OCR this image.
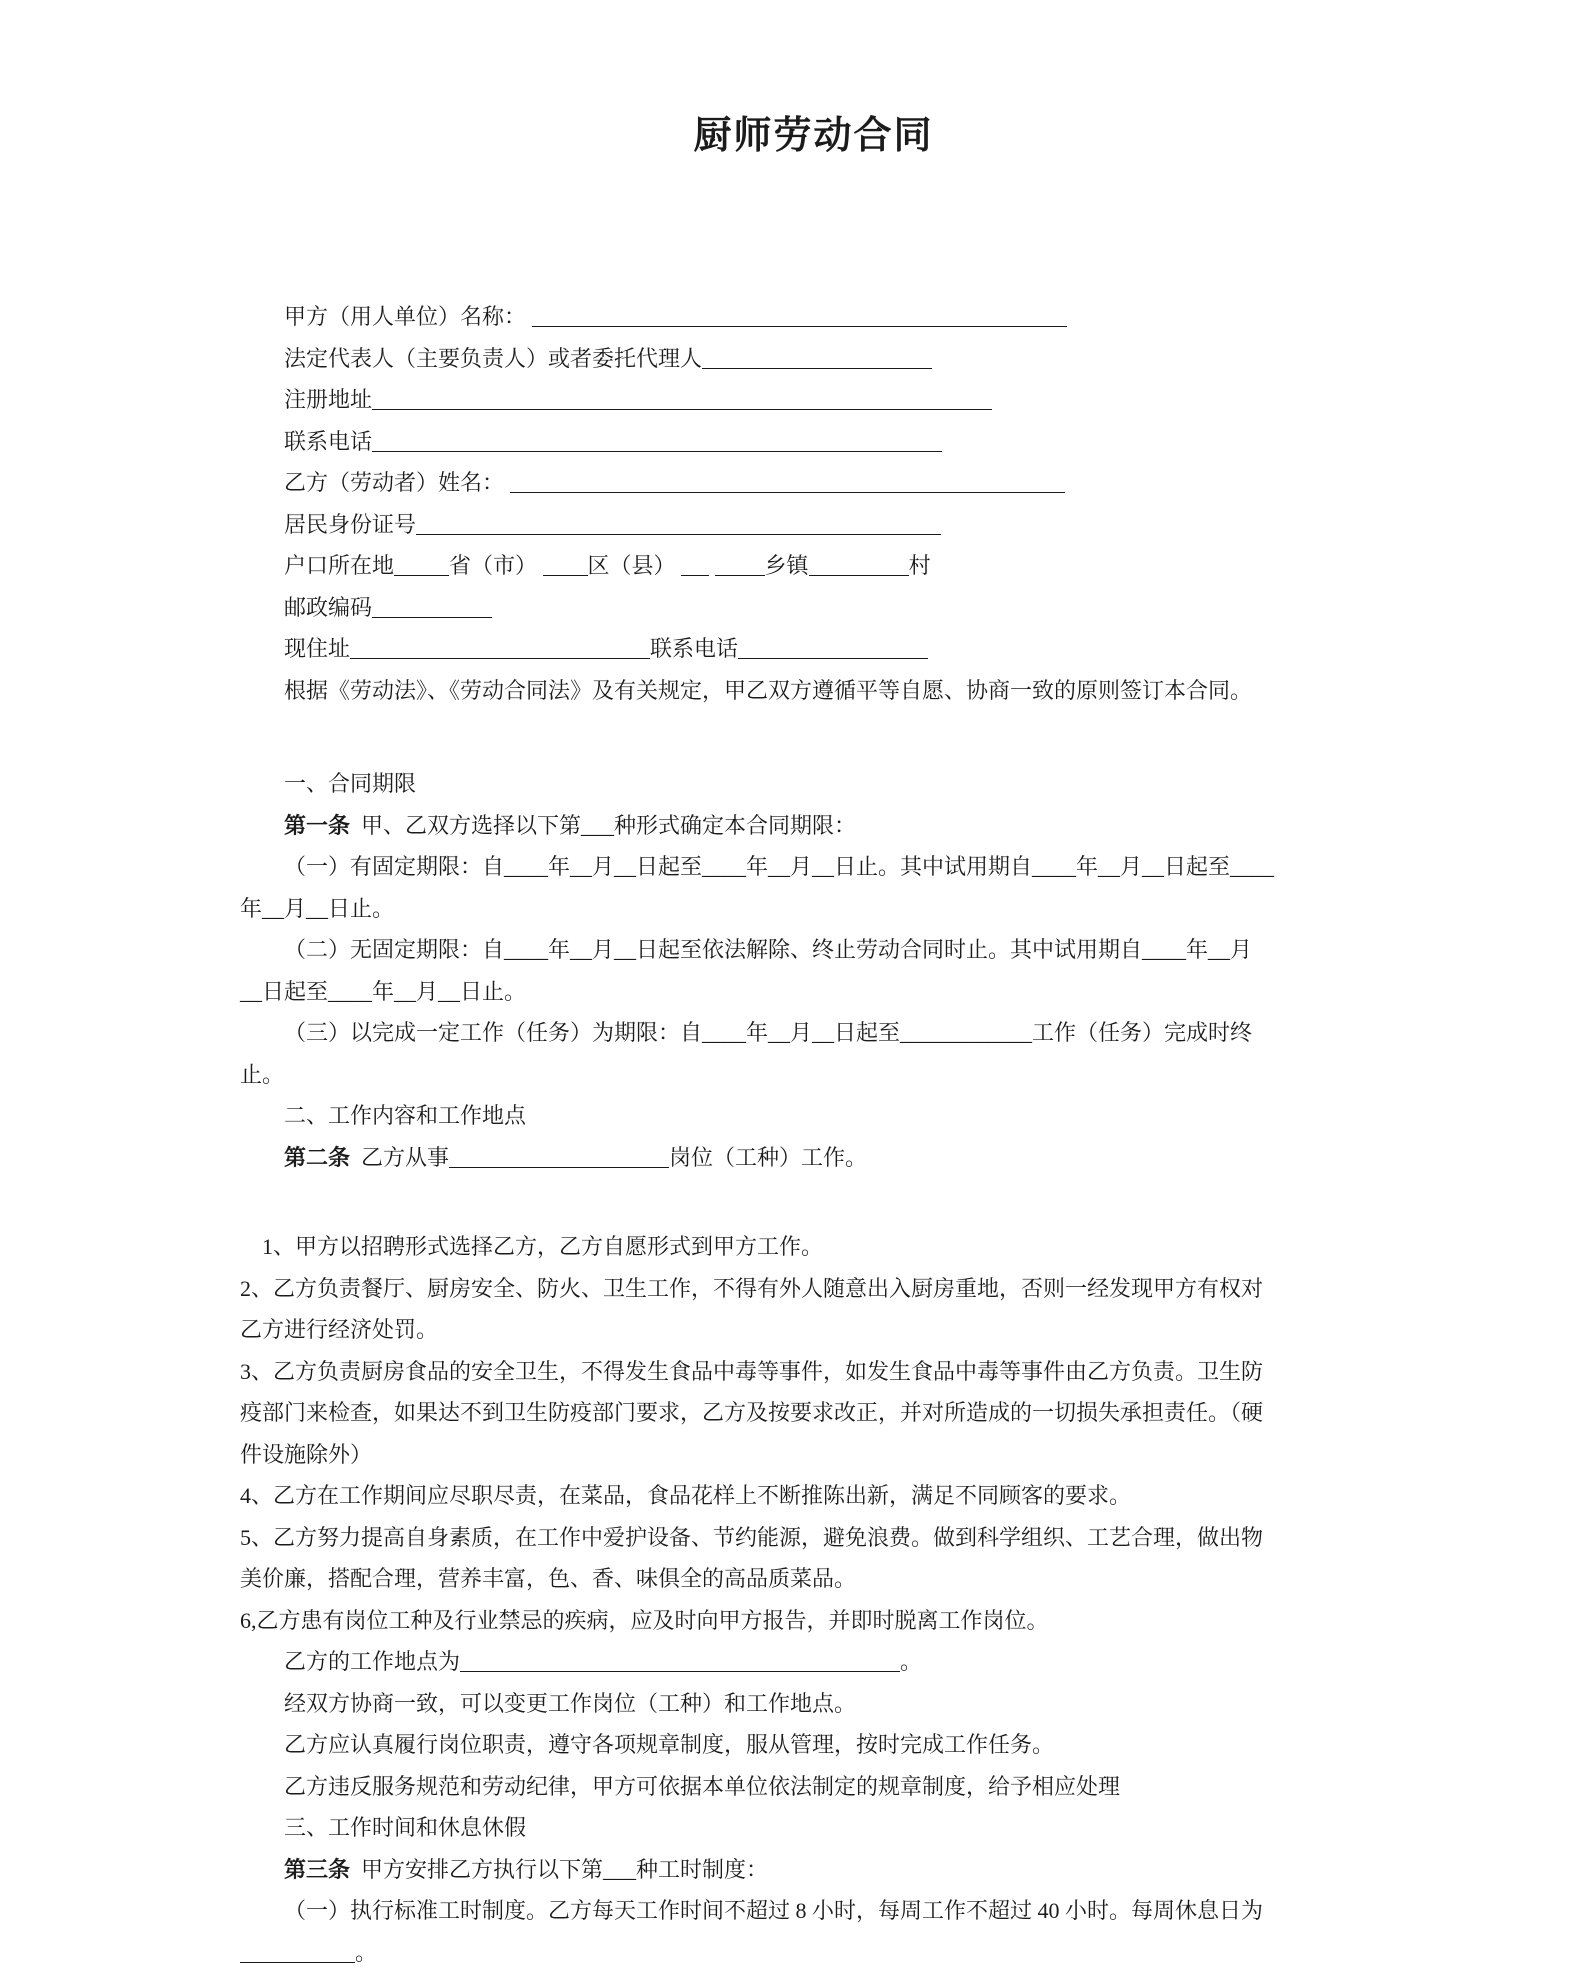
厨师劳动合同

甲方（用人单位）名称：

法定代表人（主要负责人）或者委托代理人

注册地址

联系电话

乙方（劳动者）姓名：

居民身份证号

户口所在地	省（市） 区（县）	乡镇	村

邮政编码

现住址	联系电话

根据《劳动法》、《劳动合同法》及有关规定，甲乙双方遵循平等自愿、协商一致的原则签订本合同。

一、合同期限

第一条  甲、乙双方选择以下第___种形式确定本合同期限：

（一）有固定期限：自____年__月__日起至____年__月__日止。其中试用期自____年__月__日起至____

年__月__日止。

（二）无固定期限：自____年__月__日起至依法解除、终止劳动合同时止。其中试用期自____年__月

__日起至____年__月__日止。

（三）以完成一定工作（任务）为期限：自____年__月__日起至____________工作（任务）完成时终

止。

二、工作内容和工作地点

第二条  乙方从事	岗位（工种）工作。

1、甲方以招聘形式选择乙方，乙方自愿形式到甲方工作。

2、乙方负责餐厅、厨房安全、防火、卫生工作，不得有外人随意出入厨房重地，否则一经发现甲方有权对

乙方进行经济处罚。

3、乙方负责厨房食品的安全卫生，不得发生食品中毒等事件，如发生食品中毒等事件由乙方负责。卫生防

疫部门来检查，如果达不到卫生防疫部门要求，乙方及按要求改正，并对所造成的一切损失承担责任。（硬

件设施除外）

4、乙方在工作期间应尽职尽责，在菜品，食品花样上不断推陈出新，满足不同顾客的要求。

5、乙方努力提高自身素质，在工作中爱护设备、节约能源，避免浪费。做到科学组织、工艺合理，做出物

美价廉，搭配合理，营养丰富，色、香、味俱全的高品质菜品。

6,乙方患有岗位工种及行业禁忌的疾病，应及时向甲方报告，并即时脱离工作岗位。

乙方的工作地点为	。

经双方协商一致，可以变更工作岗位（工种）和工作地点。

乙方应认真履行岗位职责，遵守各项规章制度，服从管理，按时完成工作任务。

乙方违反服务规范和劳动纪律，甲方可依据本单位依法制定的规章制度，给予相应处理

三、工作时间和休息休假

第三条  甲方安排乙方执行以下第___种工时制度：

（一）执行标准工时制度。乙方每天工作时间不超过 8 小时，每周工作不超过 40 小时。每周休息日为

。
